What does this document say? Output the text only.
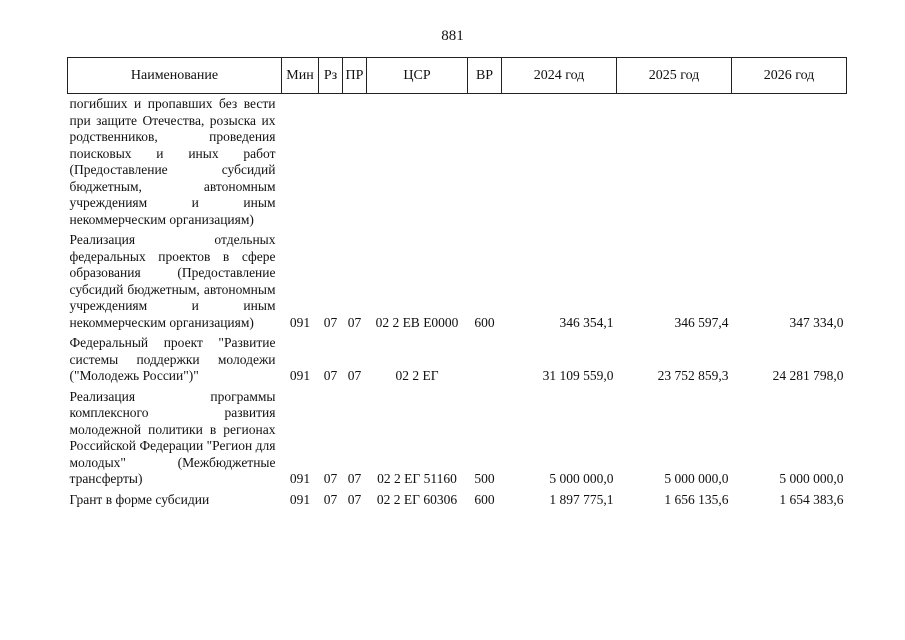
881
Наименование	Мин	Рз	ПР	ЦСР	ВР	2024 год	2025 год	2026 год
погибших и пропавших без вести при защите Отечества, розыска их родственников, проведения поисковых и иных работ (Предоставление субсидий бюджетным, автономным учреждениям и иным некоммерческим организациям)								
Реализация отдельных федеральных проектов в сфере образования (Предоставление субсидий бюджетным, автономным учреждениям и иным некоммерческим организациям)	091	07	07	02 2 ЕВ Е0000	600	346 354,1	346 597,4	347 334,0
Федеральный проект "Развитие системы поддержки молодежи ("Молодежь России")"	091	07	07	02 2 ЕГ		31 109 559,0	23 752 859,3	24 281 798,0
Реализация программы комплексного развития молодежной политики в регионах Российской Федерации "Регион для молодых" (Межбюджетные трансферты)	091	07	07	02 2 ЕГ 51160	500	5 000 000,0	5 000 000,0	5 000 000,0
Грант в форме субсидии	091	07	07	02 2 ЕГ 60306	600	1 897 775,1	1 656 135,6	1 654 383,6
